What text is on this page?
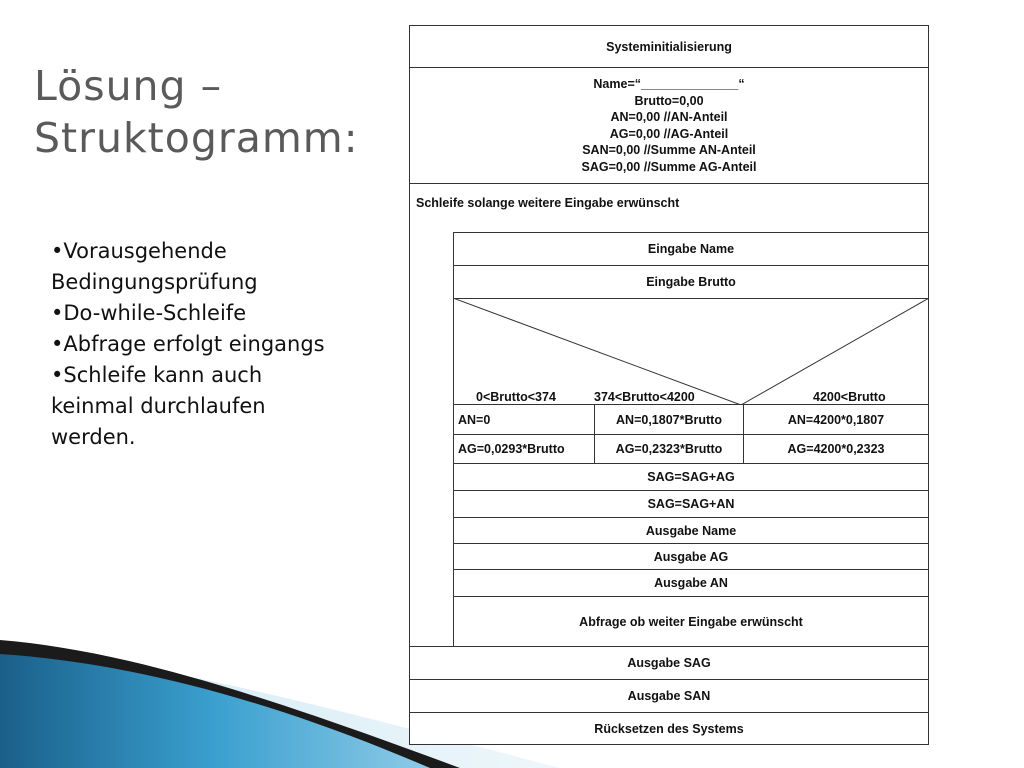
Lösung –
Struktogramm:
• Vorausgehende Bedingungsprüfung
• Do-while-Schleife
• Abfrage erfolgt eingangs
• Schleife kann auch keinmal durchlaufen werden.
Systeminitialisierung
Name=“______________“
Brutto=0,00
AN=0,00 //AN-Anteil
AG=0,00 //AG-Anteil
SAN=0,00 //Summe AN-Anteil
SAG=0,00 //Summe AG-Anteil
Schleife solange weitere Eingabe erwünscht
Eingabe Name
Eingabe Brutto
0<Brutto<374	374<Brutto<4200	4200<Brutto
AN=0	AN=0,1807*Brutto	AN=4200*0,1807
AG=0,0293*Brutto	AG=0,2323*Brutto	AG=4200*0,2323
SAG=SAG+AG
SAG=SAG+AN
Ausgabe Name
Ausgabe AG
Ausgabe AN
Abfrage ob weiter Eingabe erwünscht
Ausgabe SAG
Ausgabe SAN
Rücksetzen des Systems
